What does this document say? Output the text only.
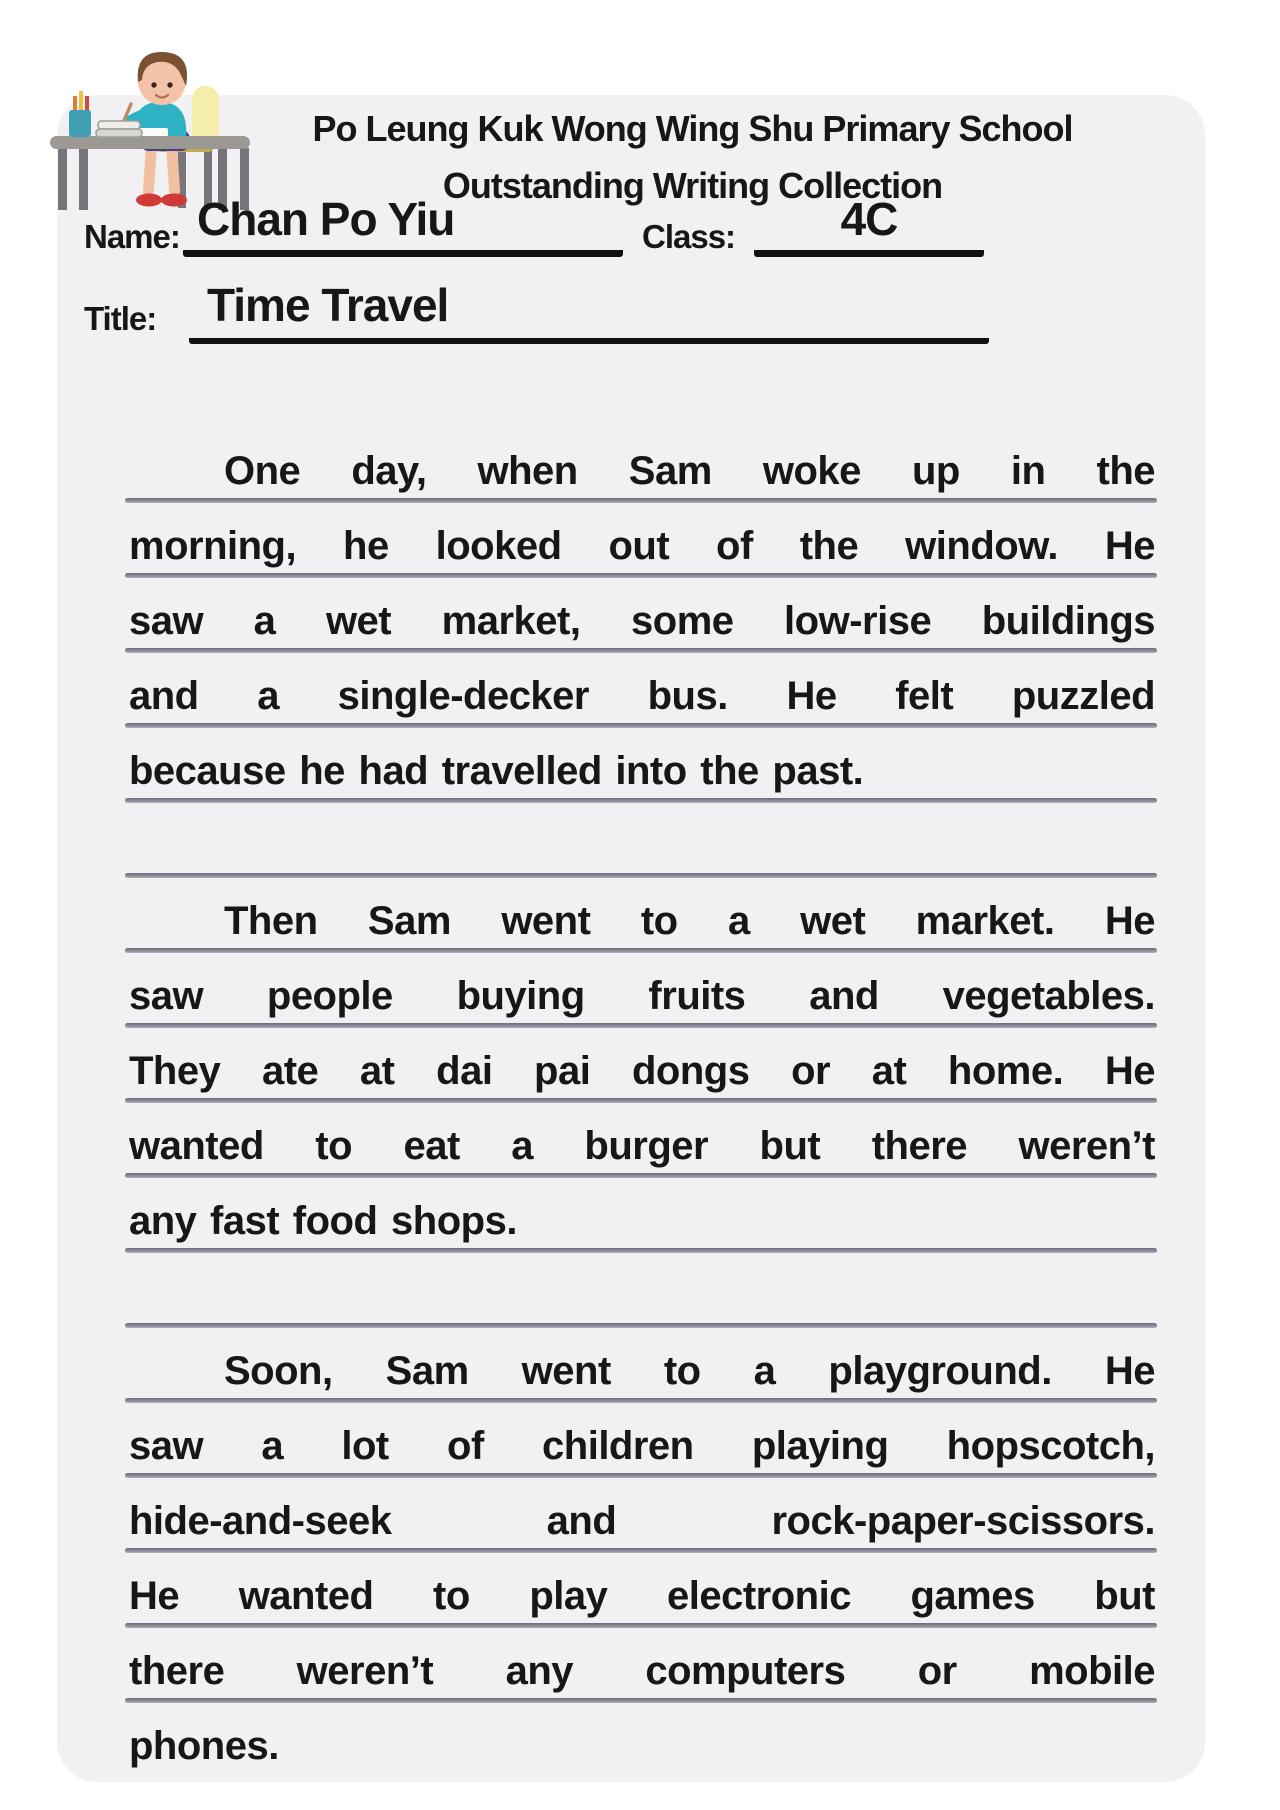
Po Leung Kuk Wong Wing Shu Primary School
Outstanding Writing Collection
Name: Chan Po Yiu	Class:	4C
Title: Time Travel
One day, when Sam woke up in the
morning, he looked out of the window. He
saw a wet market, some low-rise buildings
and a single-decker bus. He felt puzzled
because he had travelled into the past.
Then Sam went to a wet market. He
saw people buying fruits and vegetables.
They ate at dai pai dongs or at home. He
wanted to eat a burger but there weren’t
any fast food shops.
Soon, Sam went to a playground. He
saw a lot of children playing hopscotch,
hide-and-seek and rock-paper-scissors.
He wanted to play electronic games but
there weren’t any computers or mobile
phones.
